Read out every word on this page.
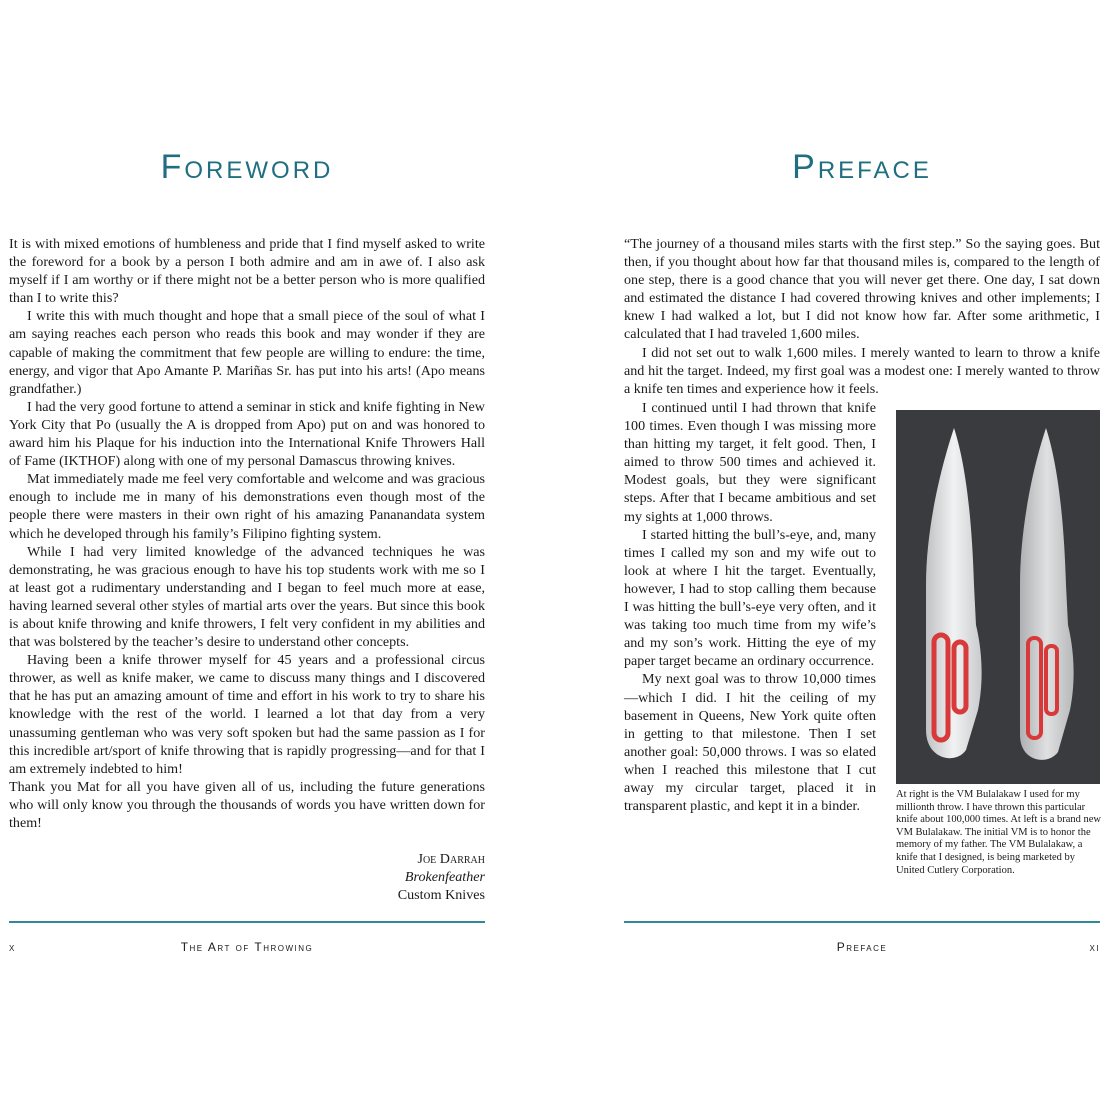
Foreword

It is with mixed emotions of humbleness and pride that I find myself asked to write the foreword for a book by a person I both admire and am in awe of. I also ask myself if I am worthy or if there might not be a better person who is more qualified than I to write this?

I write this with much thought and hope that a small piece of the soul of what I am saying reaches each person who reads this book and may wonder if they are capable of making the commitment that few people are willing to endure: the time, energy, and vigor that Apo Amante P. Mariñas Sr. has put into his arts! (Apo means grandfather.)

I had the very good fortune to attend a seminar in stick and knife fighting in New York City that Po (usually the A is dropped from Apo) put on and was honored to award him his Plaque for his induction into the International Knife Throwers Hall of Fame (IKTHOF) along with one of my personal Damascus throwing knives.

Mat immediately made me feel very comfortable and welcome and was gracious enough to include me in many of his demonstrations even though most of the people there were masters in their own right of his amazing Pananandata system which he developed through his family’s Filipino fighting system.

While I had very limited knowledge of the advanced techniques he was demonstrating, he was gracious enough to have his top students work with me so I at least got a rudimentary understanding and I began to feel much more at ease, having learned several other styles of martial arts over the years. But since this book is about knife throwing and knife throwers, I felt very confident in my abilities and that was bolstered by the teacher’s desire to understand other concepts.

Having been a knife thrower myself for 45 years and a professional circus thrower, as well as knife maker, we came to discuss many things and I discovered that he has put an amazing amount of time and effort in his work to try to share his knowledge with the rest of the world. I learned a lot that day from a very unassuming gentleman who was very soft spoken but had the same passion as I for this incredible art/sport of knife throwing that is rapidly progressing—and for that I am extremely indebted to him!

Thank you Mat for all you have given all of us, including the future generations who will only know you through the thousands of words you have written down for them!

Joe Darrah
Brokenfeather
Custom Knives
x	The Art of Throwing
Preface

“The journey of a thousand miles starts with the first step.” So the saying goes. But then, if you thought about how far that thousand miles is, compared to the length of one step, there is a good chance that you will never get there. One day, I sat down and estimated the distance I had covered throwing knives and other implements; I knew I had walked a lot, but I did not know how far. After some arithmetic, I calculated that I had traveled 1,600 miles.

I did not set out to walk 1,600 miles. I merely wanted to learn to throw a knife and hit the target. Indeed, my first goal was a modest one: I merely wanted to throw a knife ten times and experience how it feels.

I continued until I had thrown that knife 100 times. Even though I was missing more than hitting my target, it felt good. Then, I aimed to throw 500 times and achieved it. Modest goals, but they were significant steps. After that I became ambitious and set my sights at 1,000 throws.

I started hitting the bull’s-eye, and, many times I called my son and my wife out to look at where I hit the target. Eventually, however, I had to stop calling them because I was hitting the bull’s-eye very often, and it was taking too much time from my wife’s and my son’s work. Hitting the eye of my paper target became an ordinary occurrence.

My next goal was to throw 10,000 times—which I did. I hit the ceiling of my basement in Queens, New York quite often in getting to that milestone. Then I set another goal: 50,000 throws. I was so elated when I reached this milestone that I cut away my circular target, placed it in transparent plastic, and kept it in a binder.

At right is the VM Bulalakaw I used for my millionth throw. I have thrown this particular knife about 100,000 times. At left is a brand new VM Bulalakaw. The initial VM is to honor the memory of my father. The VM Bulalakaw, a knife that I designed, is being marketed by United Cutlery Corporation.
Preface	xi
